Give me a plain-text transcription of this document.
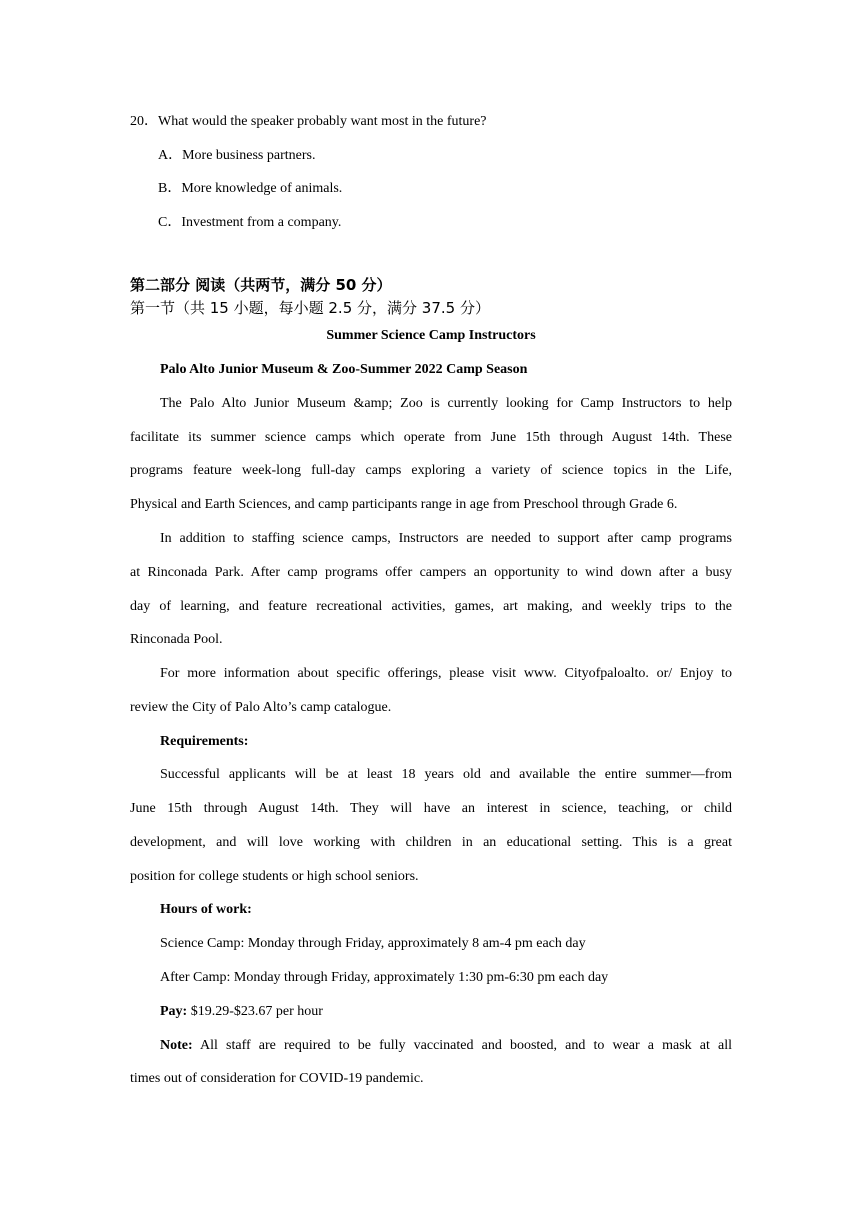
20．What would the speaker probably want most in the future?
A．More business partners.
B．More knowledge of animals.
C．Investment from a company.
第二部分 阅读（共两节，满分 50 分）
第一节（共 15 小题，每小题 2.5 分，满分 37.5 分）
Summer Science Camp Instructors
Palo Alto Junior Museum & Zoo-Summer 2022 Camp Season
The Palo Alto Junior Museum &amp; Zoo is currently looking for Camp Instructors to help
facilitate its summer science camps which operate from June 15th through August 14th. These
programs feature week-long full-day camps exploring a variety of science topics in the Life,
Physical and Earth Sciences, and camp participants range in age from Preschool through Grade 6.
In addition to staffing science camps, Instructors are needed to support after camp programs
at Rinconada Park. After camp programs offer campers an opportunity to wind down after a busy
day of learning, and feature recreational activities, games, art making, and weekly trips to the
Rinconada Pool.
For more information about specific offerings, please visit www. Cityofpaloalto. or/ Enjoy to
review the City of Palo Alto’s camp catalogue.
Requirements:
Successful applicants will be at least 18 years old and available the entire summer—from
June 15th through August 14th. They will have an interest in science, teaching, or child
development, and will love working with children in an educational setting. This is a great
position for college students or high school seniors.
Hours of work:
Science Camp: Monday through Friday, approximately 8 am-4 pm each day
After Camp: Monday through Friday, approximately 1:30 pm-6:30 pm each day
Pay: $19.29-$23.67 per hour
Note: All staff are required to be fully vaccinated and boosted, and to wear a mask at all
times out of consideration for COVID-19 pandemic.
